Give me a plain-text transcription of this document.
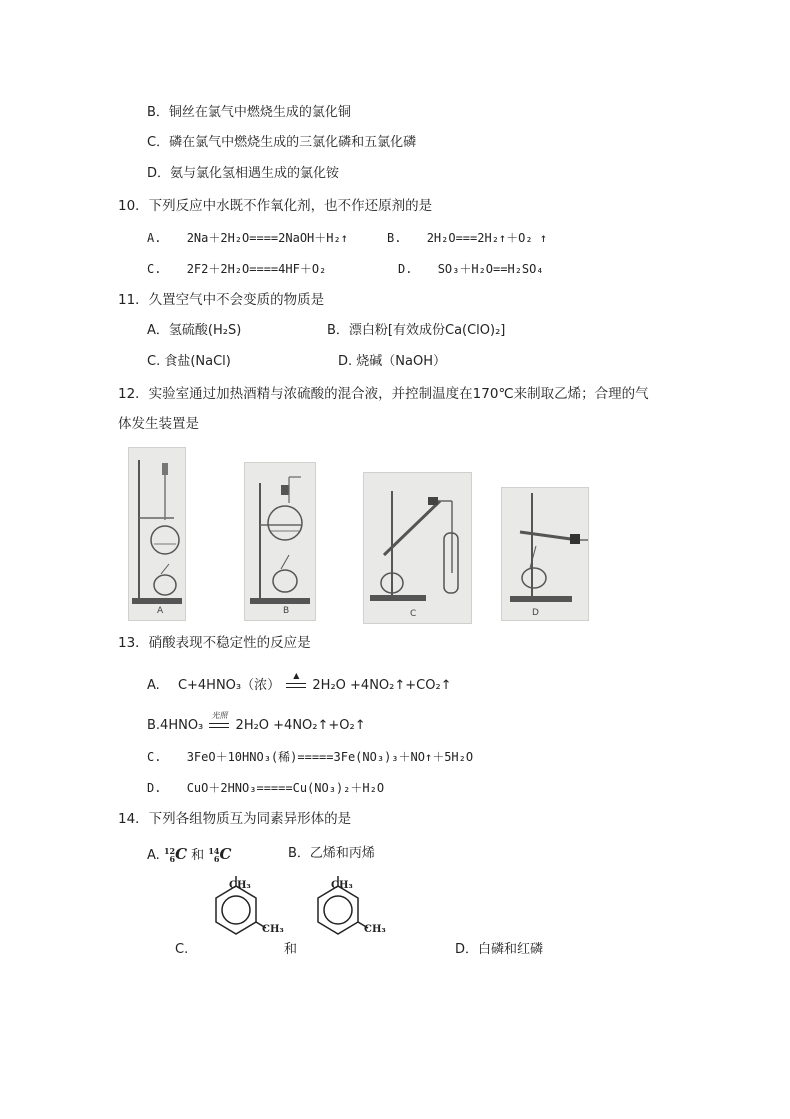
B．铜丝在氯气中燃烧生成的氯化铜
C．磷在氯气中燃烧生成的三氯化磷和五氯化磷
D．氨与氯化氢相遇生成的氯化铵
10．下列反应中水既不作氧化剂，也不作还原剂的是
A. 2Na＋2H₂O====2NaOH＋H₂↑	B. 2H₂O===2H₂↑＋O₂ ↑
C. 2F2＋2H₂O====4HF＋O₂	D. SO₃＋H₂O==H₂SO₄
11．久置空气中不会变质的物质是
A．氢硫酸(H₂S)	B．漂白粉[有效成份Ca(ClO)₂]
C. 食盐(NaCl)	D. 烧碱（NaOH）
12．实验室通过加热酒精与浓硫酸的混合液，并控制温度在170℃来制取乙烯；合理的气
体发生装置是
A	B	C	D
13．硝酸表现不稳定性的反应是
A. C+4HNO₃（浓）
▲
2H₂O +4NO₂↑+CO₂↑
B.4HNO₃
光照
2H₂O +4NO₂↑+O₂↑
C. 3FeO＋10HNO₃(稀)=====3Fe(NO₃)₃＋NO↑＋5H₂O
D. CuO＋2HNO₃=====Cu(NO₃)₂＋H₂O
14．下列各组物质互为同素异形体的是
A. 12
6C 和 14
6C	B．乙烯和丙烯
C.	和	D．白磷和红磷
CH₃
CH₃
CH₃
CH₃
